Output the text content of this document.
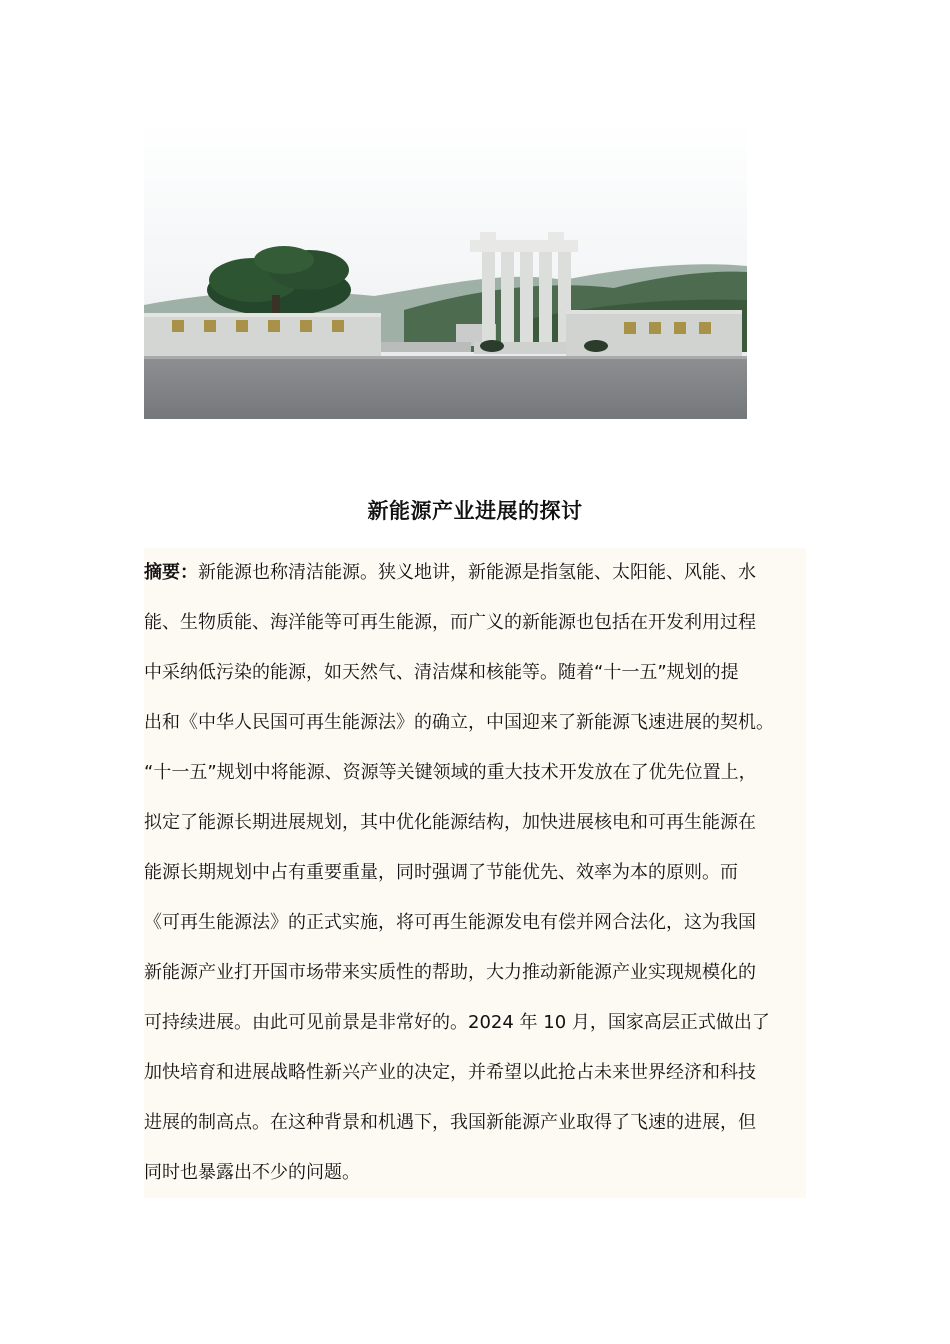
新能源产业进展的探讨
摘要：新能源也称清洁能源。狭义地讲，新能源是指氢能、太阳能、风能、水
能、生物质能、海洋能等可再生能源，而广义的新能源也包括在开发利用过程
中采纳低污染的能源，如天然气、清洁煤和核能等。随着“十一五”规划的提
出和《中华人民国可再生能源法》的确立，中国迎来了新能源飞速进展的契机。
“十一五”规划中将能源、资源等关键领域的重大技术开发放在了优先位置上，
拟定了能源长期进展规划，其中优化能源结构，加快进展核电和可再生能源在
能源长期规划中占有重要重量，同时强调了节能优先、效率为本的原则。而
《可再生能源法》的正式实施，将可再生能源发电有偿并网合法化，这为我国
新能源产业打开国市场带来实质性的帮助，大力推动新能源产业实现规模化的
可持续进展。由此可见前景是非常好的。2024 年 10 月，国家高层正式做出了
加快培育和进展战略性新兴产业的决定，并希望以此抢占未来世界经济和科技
进展的制高点。在这种背景和机遇下，我国新能源产业取得了飞速的进展，但
同时也暴露出不少的问题。
